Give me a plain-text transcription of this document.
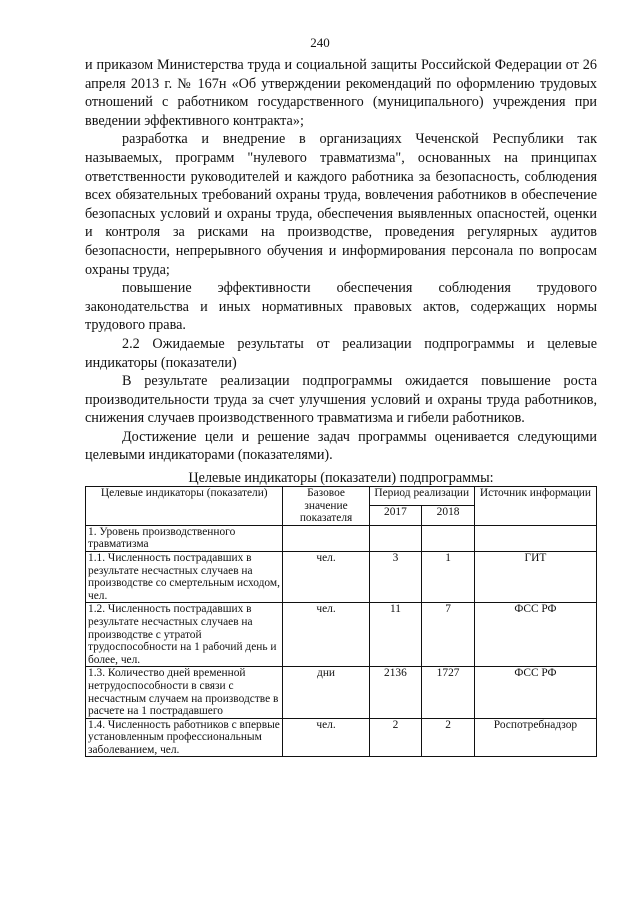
240

и приказом Министерства труда и социальной защиты Российской Федерации от 26 апреля 2013 г. № 167н «Об утверждении рекомендаций по оформлению трудовых отношений с работником государственного (муниципального) учреждения при введении эффективного контракта»;

разработка и внедрение в организациях Чеченской Республики так называемых, программ "нулевого травматизма", основанных на принципах ответственности руководителей и каждого работника за безопасность, соблюдения всех обязательных требований охраны труда, вовлечения работников в обеспечение безопасных условий и охраны труда, обеспечения выявленных опасностей, оценки и контроля за рисками на производстве, проведения регулярных аудитов безопасности, непрерывного обучения и информирования персонала по вопросам охраны труда;

повышение эффективности обеспечения соблюдения трудового законодательства и иных нормативных правовых актов, содержащих нормы трудового права.

2.2 Ожидаемые результаты от реализации подпрограммы и целевые индикаторы (показатели)

В результате реализации подпрограммы ожидается повышение роста производительности труда за счет улучшения условий и охраны труда работников, снижения случаев производственного травматизма и гибели работников.

Достижение цели и решение задач программы оценивается следующими целевыми индикаторами (показателями).

Целевые индикаторы (показатели) подпрограммы:
Целевые индикаторы (показатели)	Базовое значение показателя	Период реализации		Источник информации
		2017	2018	
1. Уровень производственного травматизма				
1.1. Численность пострадавших в результате несчастных случаев на производстве со смертельным исходом, чел.	чел.	3	1	ГИТ
1.2. Численность пострадавших в результате несчастных случаев на производстве с утратой трудоспособности на 1 рабочий день и более, чел.	чел.	11	7	ФСС РФ
1.3. Количество дней временной нетрудоспособности в связи с несчастным случаем на производстве в расчете на 1 пострадавшего	дни	2136	1727	ФСС РФ
1.4. Численность работников с впервые установленным профессиональным заболеванием, чел.	чел.	2	2	Роспотребнадзор
